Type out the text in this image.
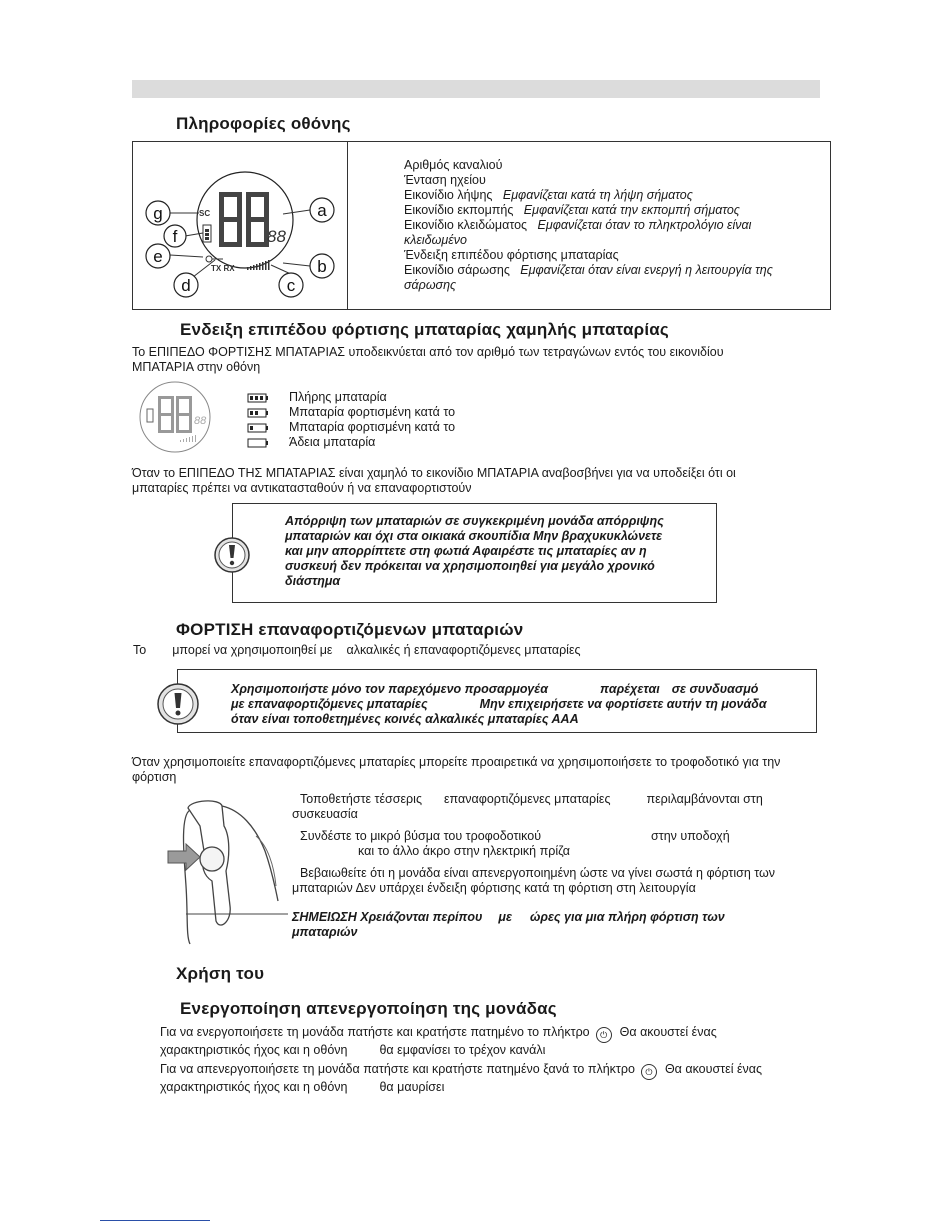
Πληροφορίες οθόνης
88
SC
TX RX
g
f
e
d	c
b
a
Αριθμός καναλιού
Ένταση ηχείου
Εικονίδιο λήψης Εμφανίζεται κατά τη λήψη σήματος
Εικονίδιο εκπομπής Εμφανίζεται κατά την εκπομπή σήματος
Εικονίδιο κλειδώματος Εμφανίζεται όταν το πληκτρολόγιο είναι
κλειδωμένο
Ένδειξη επιπέδου φόρτισης μπαταρίας
Εικονίδιο σάρωσης Εμφανίζεται όταν είναι ενεργή η λειτουργία της
σάρωσης
Ενδειξη επιπέδου φόρτισης μπαταρίας χαμηλής μπαταρίας
Το ΕΠΙΠΕΔΟ ΦΟΡΤΙΣΗΣ ΜΠΑΤΑΡΙΑΣ υποδεικνύεται από τον αριθμό των τετραγώνων εντός του εικονιδίου
ΜΠΑΤΑΡΙΑ στην οθόνη
88
Πλήρης μπαταρία
Μπαταρία φορτισμένη κατά το
Μπαταρία φορτισμένη κατά το
Άδεια μπαταρία
Όταν το ΕΠΙΠΕΔΟ ΤΗΣ ΜΠΑΤΑΡΙΑΣ είναι χαμηλό το εικονίδιο ΜΠΑΤΑΡΙΑ αναβοσβήνει για να υποδείξει ότι οι
μπαταρίες πρέπει να αντικατασταθούν ή να επαναφορτιστούν
Απόρριψη των μπαταριών σε συγκεκριμένη μονάδα απόρριψης
μπαταριών και όχι στα οικιακά σκουπίδια Μην βραχυκυκλώνετε
και μην απορρίπτετε στη φωτιά Αφαιρέστε τις μπαταρίες αν η
συσκευή δεν πρόκειται να χρησιμοποιηθεί για μεγάλο χρονικό
διάστημα
ΦΟΡΤΙΣΗ επαναφορτιζόμενων μπαταριών
Το μπορεί να χρησιμοποιηθεί με αλκαλικές ή επαναφορτιζόμενες μπαταρίες
Χρησιμοποιήστε μόνο τον παρεχόμενο προσαρμογέα	παρέχεται σε συνδυασμό
με επαναφορτιζόμενες μπαταρίες	Μην επιχειρήσετε να φορτίσετε αυτήν τη μονάδα
όταν είναι τοποθετημένες κοινές αλκαλικές μπαταρίες ΑΑΑ
Όταν χρησιμοποιείτε επαναφορτιζόμενες μπαταρίες μπορείτε προαιρετικά να χρησιμοποιήσετε το τροφοδοτικό για την
φόρτιση
Τοποθετήστε τέσσερις επαναφορτιζόμενες μπαταρίες	περιλαμβάνονται στη
συσκευασία
Συνδέστε το μικρό βύσμα του τροφοδοτικού	στην υποδοχή
και το άλλο άκρο στην ηλεκτρική πρίζα
Βεβαιωθείτε ότι η μονάδα είναι απενεργοποιημένη ώστε να γίνει σωστά η φόρτιση των
μπαταριών Δεν υπάρχει ένδειξη φόρτισης κατά τη φόρτιση στη λειτουργία
ΣΗΜΕΙΩΣΗ Χρειάζονται περίπου με ώρες για μια πλήρη φόρτιση των
μπαταριών
Χρήση του
Ενεργοποίηση απενεργοποίηση της μονάδας
Για να ενεργοποιήσετε τη μονάδα πατήστε και κρατήστε πατημένο το πλήκτρο ⏻ Θα ακουστεί ένας
χαρακτηριστικός ήχος και η οθόνη	θα εμφανίσει το τρέχον κανάλι
Για να απενεργοποιήσετε τη μονάδα πατήστε και κρατήστε πατημένο ξανά το πλήκτρο ⏻ Θα ακουστεί ένας
χαρακτηριστικός ήχος και η οθόνη	θα μαυρίσει
